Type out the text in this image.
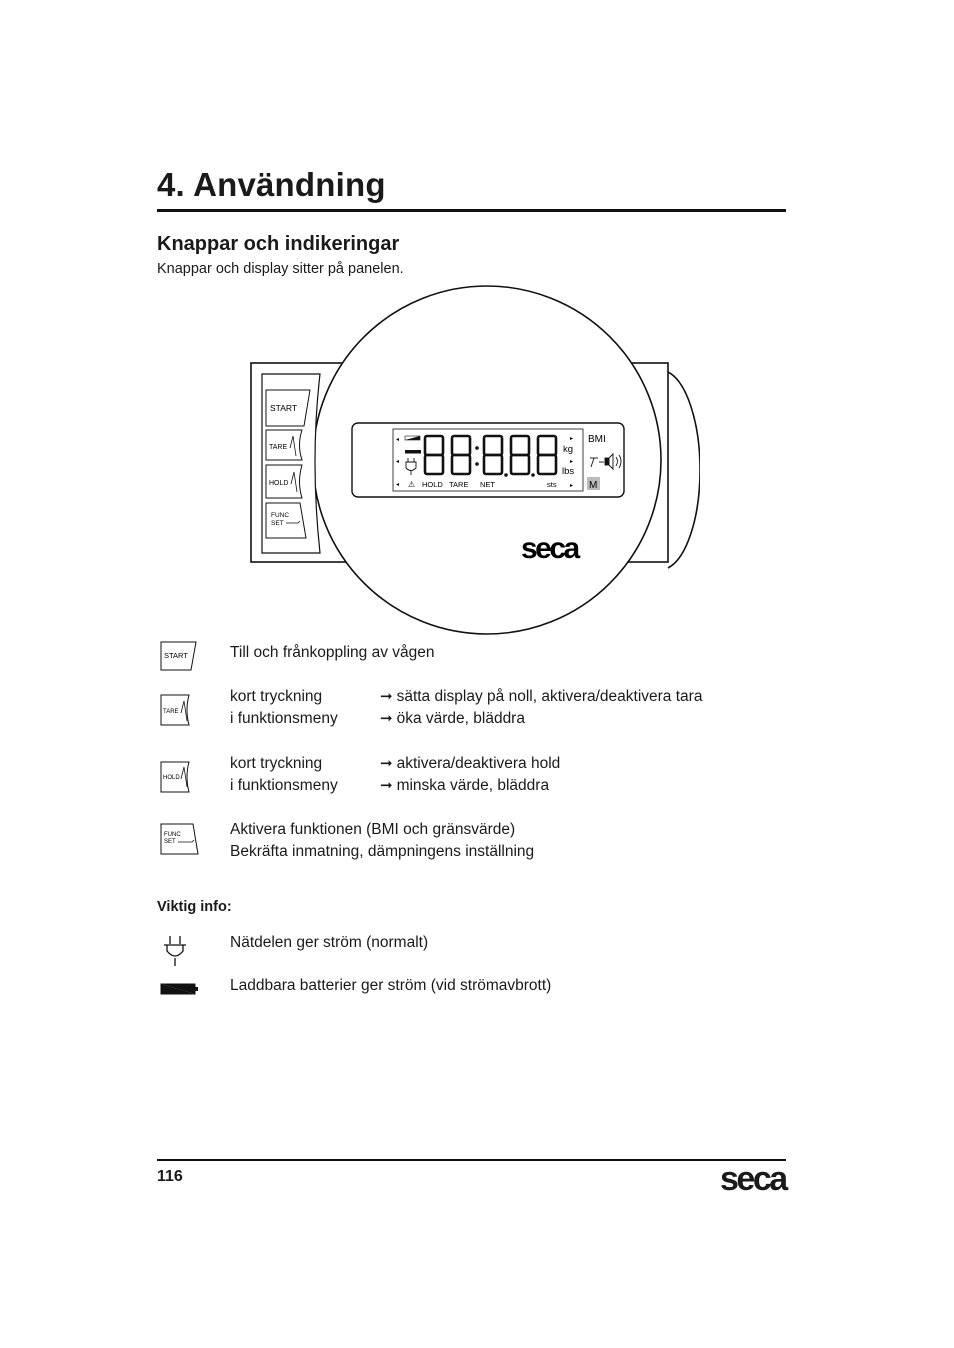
4. Användning
Knappar och indikeringar
Knappar och display sitter på panelen.
START
TARE
HOLD
FUNC
SET
◂
◂
◂
▸
▸
▸
kg
lbs
BMI
M
⚠ HOLD TARE NET	sts
seca
START	Till och frånkoppling av vågen
TARE
kort tryckning	➞ sätta display på noll, aktivera/deaktivera tara
i funktionsmeny	➞ öka värde, bläddra
HOLD
kort tryckning	➞ aktivera/deaktivera hold
i funktionsmeny	➞ minska värde, bläddra
FUNC
SET
Aktivera funktionen (BMI och gränsvärde)
Bekräfta inmatning, dämpningens inställning
Viktig info:
Nätdelen ger ström (normalt)
Laddbara batterier ger ström (vid strömavbrott)
116	seca
